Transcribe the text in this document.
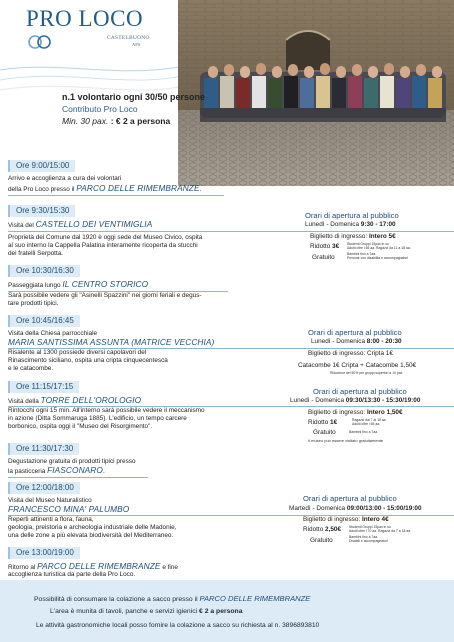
PRO LOCO
CASTELBUONO
APS
n.1 volontario ogni 30/50 persone
Contributo Pro Loco
Min. 30 pax. : € 2 a persona
Ore 9:00/15:00
Arrivo e accoglienza a cura dei volontari
della Pro Loco presso il PARCO DELLE RIMEMBRANZE.
Ore 9:30/15:30
Visita del CASTELLO DEI VENTIMIGLIA
Proprietà del Comune dal 1920 è oggi sede del Museo Civico, ospita
al suo interno la Cappella Palatina interamente ricoperta da stucchi
dei fratelli Serpotta.
Orari di apertura al pubblico
Lunedì - Domenica 9:30 - 17:00
Biglietto di ingresso: Intero 5€
Ridotto 3€ Studenti Gruppi 15pax in su
Adulti oltre i 65 aa. Ragazzi da 11 a 18 aa.
Gratuito	Bambini fino a 7aa.
Persone con disabilità e accompagnatori
Ore 10:30/16:30
Passeggiata lungo IL CENTRO STORICO
Sarà possibile vedere gli "Asinelli Spazzini" nei giorni feriali e degus-
tare prodotti tipici.
Ore 10:45/16:45
Visita della Chiesa parrocchiale
MARIA SANTISSIMA ASSUNTA (MATRICE VECCHIA)
Risalente al 1300 possiede diversi capolavori del
Rinascimento siciliano, ospita una cripta cinquecentesca
e le catacombe.
Orari di apertura al pubblico
Lunedì - Domenica 8:00 - 20:30
Biglietto di ingresso: Cripta 1€
Catacombe 1€ Cripta + Catacombe 1,50€
Riduzione del 50% per gruppi superiori a 10 pax
Ore 11:15/17:15
Visita della TORRE DELL'OROLOGIO
Rintocchi ogni 15 min. All'interno sarà possibile vedere il meccanismo
in azione (Ditta Sommaruga 1885). L'edificio, un tempo carcere
borbonico, ospita oggi il "Museo del Risorgimento".
Orari di apertura al pubblico
Lunedì - Domenica 09:30/13:30 - 15:30/19:00
Biglietto di ingresso: Intero 1,50€
Ridotto 1€	Ragazzi dai 7 ai 18 aa.
Adulti oltre i 65 aa.
Gratuito	Bambini fino a 7aa.
Il museo può essere visitato gratuitamente
Ore 11:30/17:30
Degustazione gratuita di prodotti tipici presso
la pasticceria FIASCONARO.
Ore 12:00/18:00
Visita del Museo Naturalistico
FRANCESCO MINA' PALUMBO
Reperti attinenti a flora, fauna,
geologia, preistoria e archeologia industriale delle Madonie,
una delle zone a più elevata biodiversità del Mediterraneo.
Orari di apertura al pubblico
Martedì - Domenica 09:00/13:00 - 15:00/19:00
Biglietto di ingresso: Intero 4€
Ridotto 2,50€ Studenti Gruppi 15pax in su
Adulti oltre i 70 aa. Ragazzi da 7 a 18 aa.
Gratuito	Bambini fino a 7aa.
Disabili e accompagnatori
Ore 13:00/19:00
Ritorno al PARCO DELLE RIMEMBRANZE e fine
accoglienza turistica da parte della Pro Loco.
Possibilità di consumare la colazione a sacco presso il PARCO DELLE RIMEMBRANZE
L'area è munita di tavoli, panche e servizi igienici € 2 a persona
Le attività gastronomiche locali posso fornire la colazione a sacco su richiesta al n. 3896893810
